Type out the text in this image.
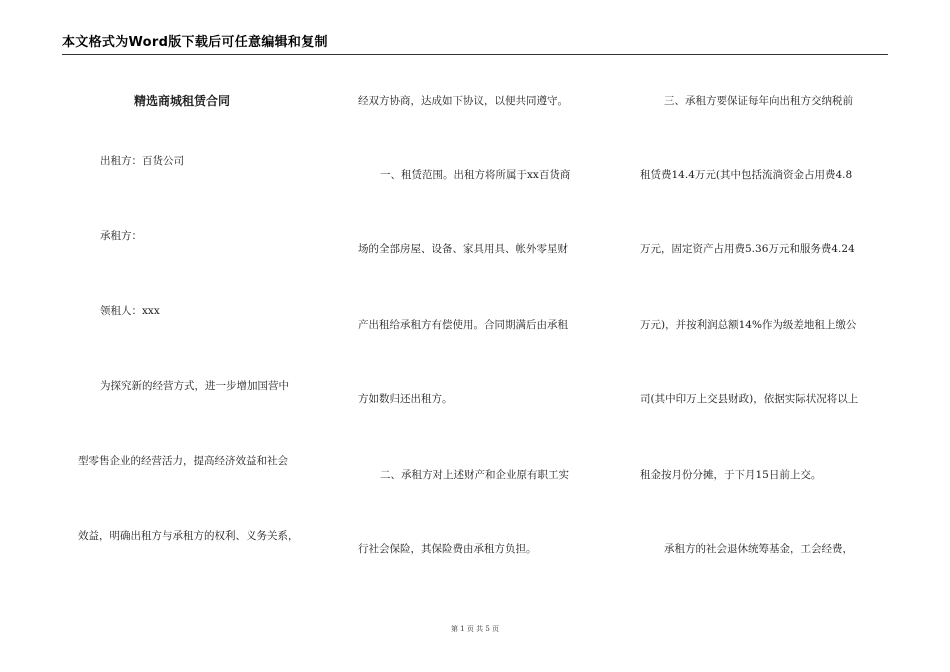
本文格式为Word版下载后可任意编辑和复制
精选商城租赁合同
出租方：百货公司
承租方：
领租人：xxx
为探究新的经营方式，进一步增加国营中
型零售企业的经营活力，提高经济效益和社会
效益，明确出租方与承租方的权利、义务关系，
经双方协商，达成如下协议，以便共同遵守。
一、租赁范围。出租方将所属于xx百货商
场的全部房屋、设备、家具用具、帐外零星财
产出租给承租方有偿使用。合同期满后由承租
方如数归还出租方。
二、承租方对上述财产和企业原有职工实
行社会保险，其保险费由承租方负担。
三、承租方要保证每年向出租方交纳税前
租赁费14.4万元(其中包括流淌资金占用费4.8
万元，固定资产占用费5.36万元和服务费4.24
万元)，并按利润总额14%作为级差地租上缴公
司(其中印万上交县财政)，依据实际状况将以上
租金按月份分摊，于下月15日前上交。
承租方的社会退休统筹基金，工会经费，
第 1 页 共 5 页
